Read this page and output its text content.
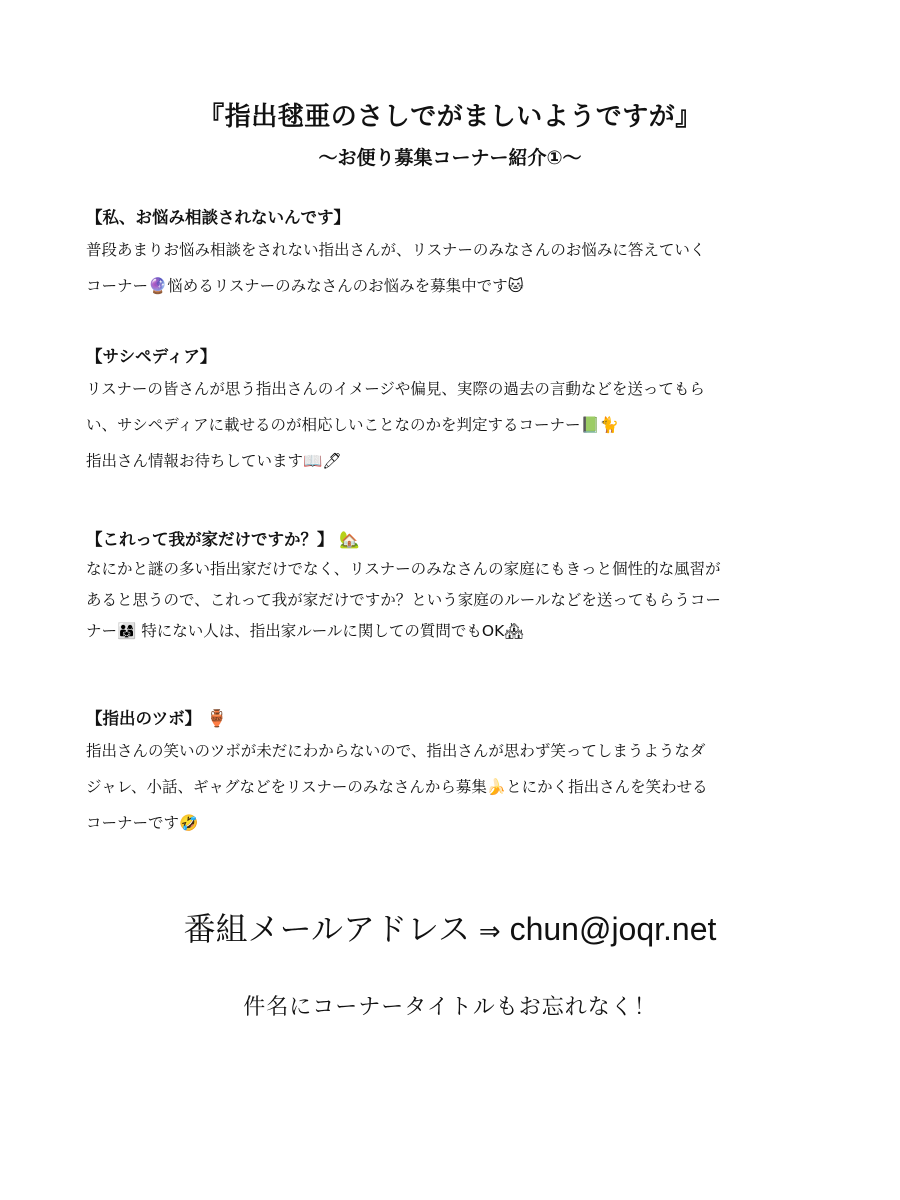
『指出毬亜のさしでがましいようですが』
〜お便り募集コーナー紹介①〜
【私、お悩み相談されないんです】
普段あまりお悩み相談をされない指出さんが、リスナーのみなさんのお悩みに答えていく
コーナー🔮悩めるリスナーのみなさんのお悩みを募集中です🐱
【サシペディア】
リスナーの皆さんが思う指出さんのイメージや偏見、実際の過去の言動などを送ってもら
い、サシペディアに載せるのが相応しいことなのかを判定するコーナー📗🐈
指出さん情報お待ちしています📖🖊
【これって我が家だけですか？】 🏡
なにかと謎の多い指出家だけでなく、リスナーのみなさんの家庭にもきっと個性的な風習が
あると思うので、これって我が家だけですか？という家庭のルールなどを送ってもらうコー
ナー👨‍👩‍👧 特にない人は、指出家ルールに関しての質問でもOK🏘
【指出のツボ】 🏺
指出さんの笑いのツボが未だにわからないので、指出さんが思わず笑ってしまうようなダ
ジャレ、小話、ギャグなどをリスナーのみなさんから募集🍌とにかく指出さんを笑わせる
コーナーです🤣

番組メールアドレス ⇒ chun@joqr.net

件名にコーナータイトルもお忘れなく！
